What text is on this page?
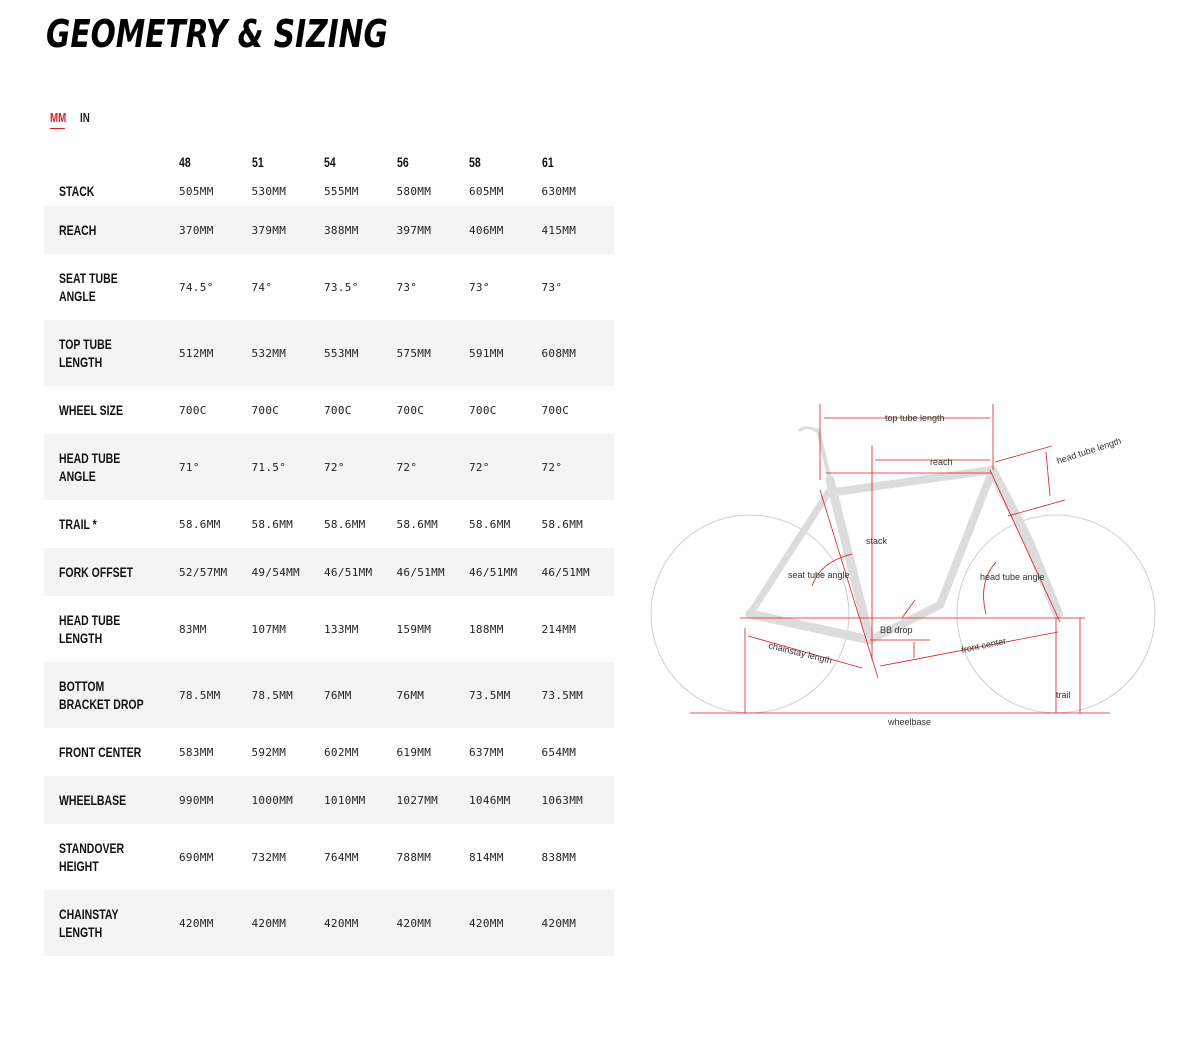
GEOMETRY & SIZING
MM IN
	48	51	54	56	58	61
STACK	505MM	530MM	555MM	580MM	605MM	630MM
REACH	370MM	379MM	388MM	397MM	406MM	415MM
SEAT TUBE ANGLE	74.5°	74°	73.5°	73°	73°	73°
TOP TUBE LENGTH	512MM	532MM	553MM	575MM	591MM	608MM
WHEEL SIZE	700C	700C	700C	700C	700C	700C
HEAD TUBE ANGLE	71°	71.5°	72°	72°	72°	72°
TRAIL *	58.6MM	58.6MM	58.6MM	58.6MM	58.6MM	58.6MM
FORK OFFSET	52/57MM	49/54MM	46/51MM	46/51MM	46/51MM	46/51MM
HEAD TUBE LENGTH	83MM	107MM	133MM	159MM	188MM	214MM
BOTTOM BRACKET DROP	78.5MM	78.5MM	76MM	76MM	73.5MM	73.5MM
FRONT CENTER	583MM	592MM	602MM	619MM	637MM	654MM
WHEELBASE	990MM	1000MM	1010MM	1027MM	1046MM	1063MM
STANDOVER HEIGHT	690MM	732MM	764MM	788MM	814MM	838MM
CHAINSTAY LENGTH	420MM	420MM	420MM	420MM	420MM	420MM
top tube length
reach	head tube length
stack
seat tube angle	head tube angle
BB drop
chainstay length	front center
trail
wheelbase
